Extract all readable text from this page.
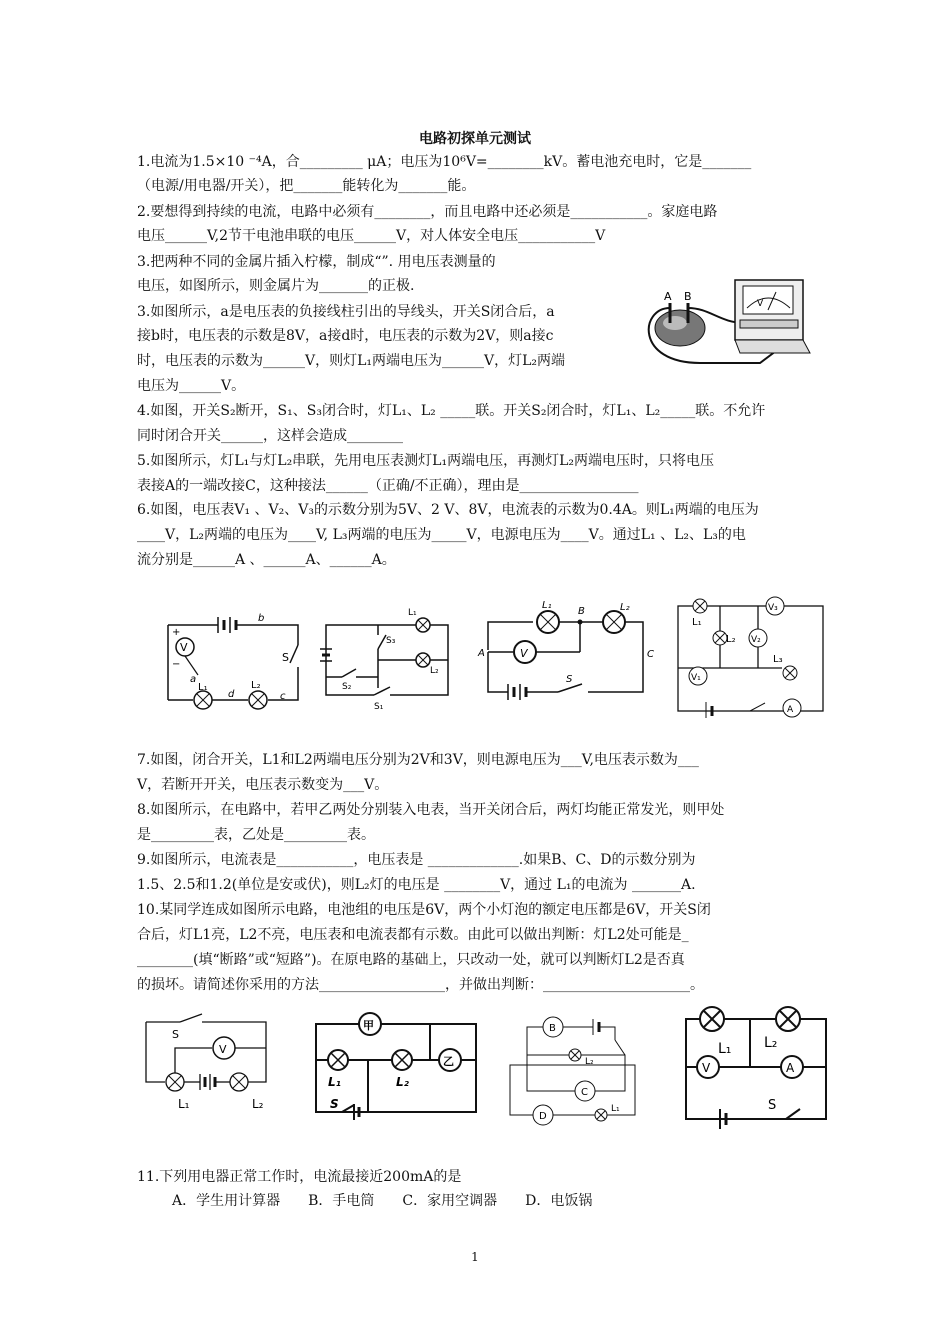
电路初探单元测试
1.电流为1.5×10 ⁻⁴A，合_________ μA；电压为10⁶V=________kV。蓄电池充电时，它是_______
（电源/用电器/开关），把_______能转化为_______能。
2.要想得到持续的电流，电路中必须有________，而且电路中还必须是___________。家庭电路
电压______V,2节干电池串联的电压______V，对人体安全电压___________V
3.把两种不同的金属片插入柠檬，制成“”. 用电压表测量的
电压，如图所示，则金属片为_______的正极.
3.如图所示，a是电压表的负接线柱引出的导线头，开关S闭合后，a
接b时，电压表的示数是8V，a接d时，电压表的示数为2V，则a接c
时，电压表的示数为______V，则灯L₁两端电压为______V，灯L₂两端
电压为______V。
4.如图，开关S₂断开，S₁、S₃闭合时，灯L₁、L₂ _____联。开关S₂闭合时，灯L₁、L₂_____联。不允许
同时闭合开关______，这样会造成________
5.如图所示，灯L₁与灯L₂串联，先用电压表测灯L₁两端电压，再测灯L₂两端电压时，只将电压
表接A的一端改接C，这种接法______（正确/不正确），理由是_________________
6.如图，电压表V₁ 、V₂、V₃的示数分别为5V、2 V、8V，电流表的示数为0.4A。则L₁两端的电压为
____V，L₂两端的电压为____V, L₃两端的电压为_____V，电源电压为____V。通过L₁ 、L₂、L₃的电
流分别是______A 、______A、______A。
A B
V
b
S
V
+
−
a
L₁	L₂
d	c
L₁
S₃
L₂
S₂
S₁
L₁
B	L₂
C
V
A
S
L₁
V₃
L₂ V₂
L₃
V₁
A
7.如图，闭合开关，L1和L2两端电压分别为2V和3V，则电源电压为___V,电压表示数为___
V，若断开开关，电压表示数变为___V。
8.如图所示，在电路中，若甲乙两处分别装入电表，当开关闭合后，两灯均能正常发光，则甲处
是_________表，乙处是_________表。
9.如图所示，电流表是___________，电压表是 _____________.如果B、C、D的示数分别为
1.5、2.5和1.2(单位是安或伏)，则L₂灯的电压是 ________V，通过 L₁的电流为 _______A.
10.某同学连成如图所示电路，电池组的电压是6V，两个小灯泡的额定电压都是6V，开关S闭
合后，灯L1亮，L2不亮，电压表和电流表都有示数。由此可以做出判断：灯L2处可能是_
________(填“断路”或“短路”)。在原电路的基础上，只改动一处，就可以判断灯L2是否真
的损坏。请简述你采用的方法__________________，并做出判断：_____________________。
S
V
L₁	L₂
甲
乙
L₁	L₂
S
B
L₂
C
D
L₁
L₁ L₂
V	A
S
11.下列用电器正常工作时，电流最接近200mA的是
A．学生用计算器　　B．手电筒　　C．家用空调器　　D．电饭锅
1
